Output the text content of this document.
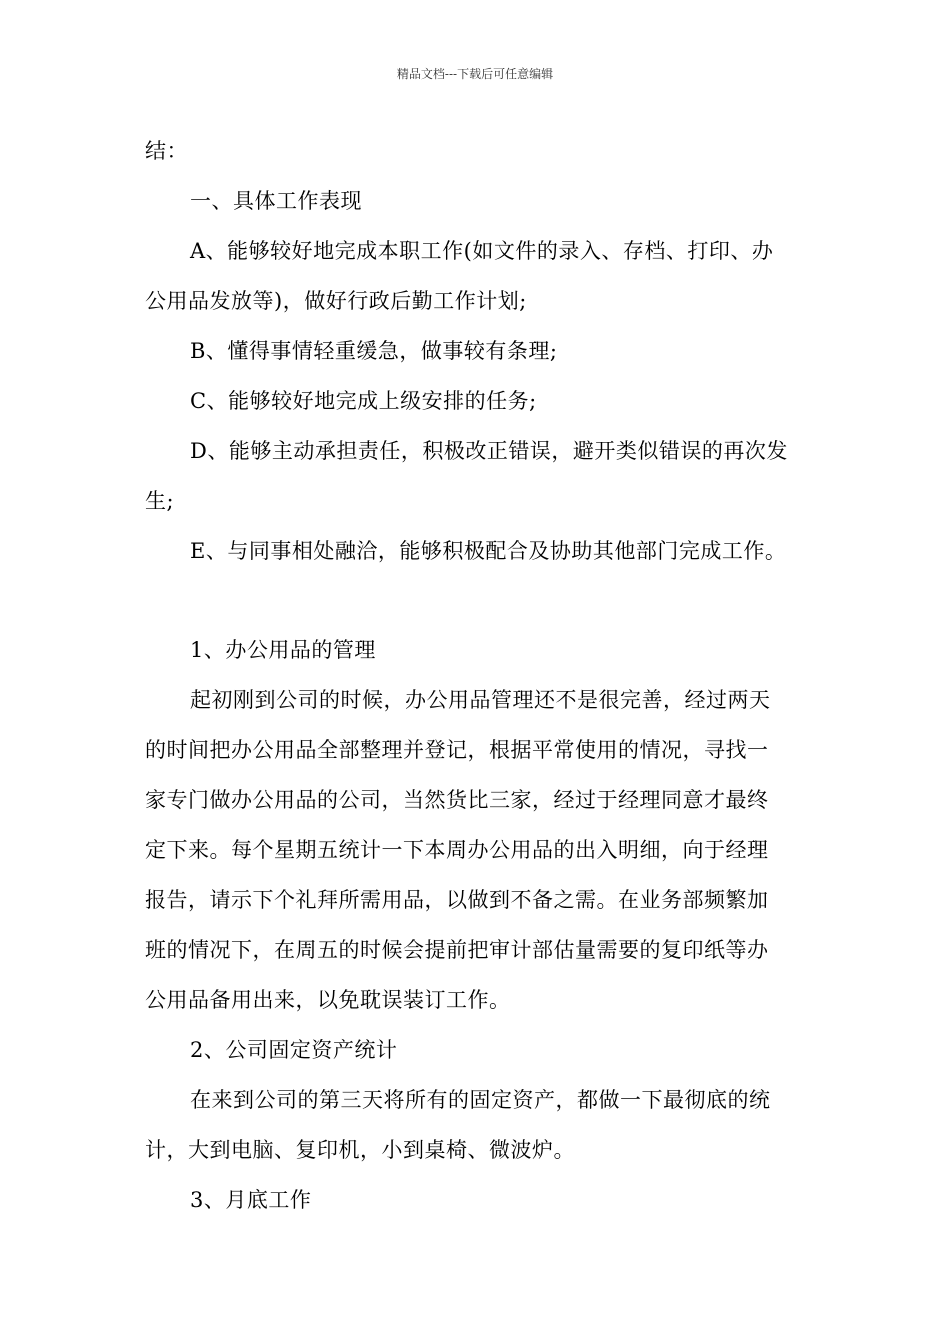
精品文档---下载后可任意编辑
结：
一、具体工作表现
A、能够较好地完成本职工作(如文件的录入、存档、打印、办
公用品发放等)，做好行政后勤工作计划;
B、懂得事情轻重缓急，做事较有条理;
C、能够较好地完成上级安排的任务;
D、能够主动承担责任，积极改正错误，避开类似错误的再次发
生;
E、与同事相处融洽，能够积极配合及协助其他部门完成工作。
1、办公用品的管理
起初刚到公司的时候，办公用品管理还不是很完善，经过两天
的时间把办公用品全部整理并登记，根据平常使用的情况，寻找一
家专门做办公用品的公司，当然货比三家，经过于经理同意才最终
定下来。每个星期五统计一下本周办公用品的出入明细，向于经理
报告，请示下个礼拜所需用品，以做到不备之需。在业务部频繁加
班的情况下，在周五的时候会提前把审计部估量需要的复印纸等办
公用品备用出来，以免耽误装订工作。
2、公司固定资产统计
在来到公司的第三天将所有的固定资产，都做一下最彻底的统
计，大到电脑、复印机，小到桌椅、微波炉。
3、月底工作
